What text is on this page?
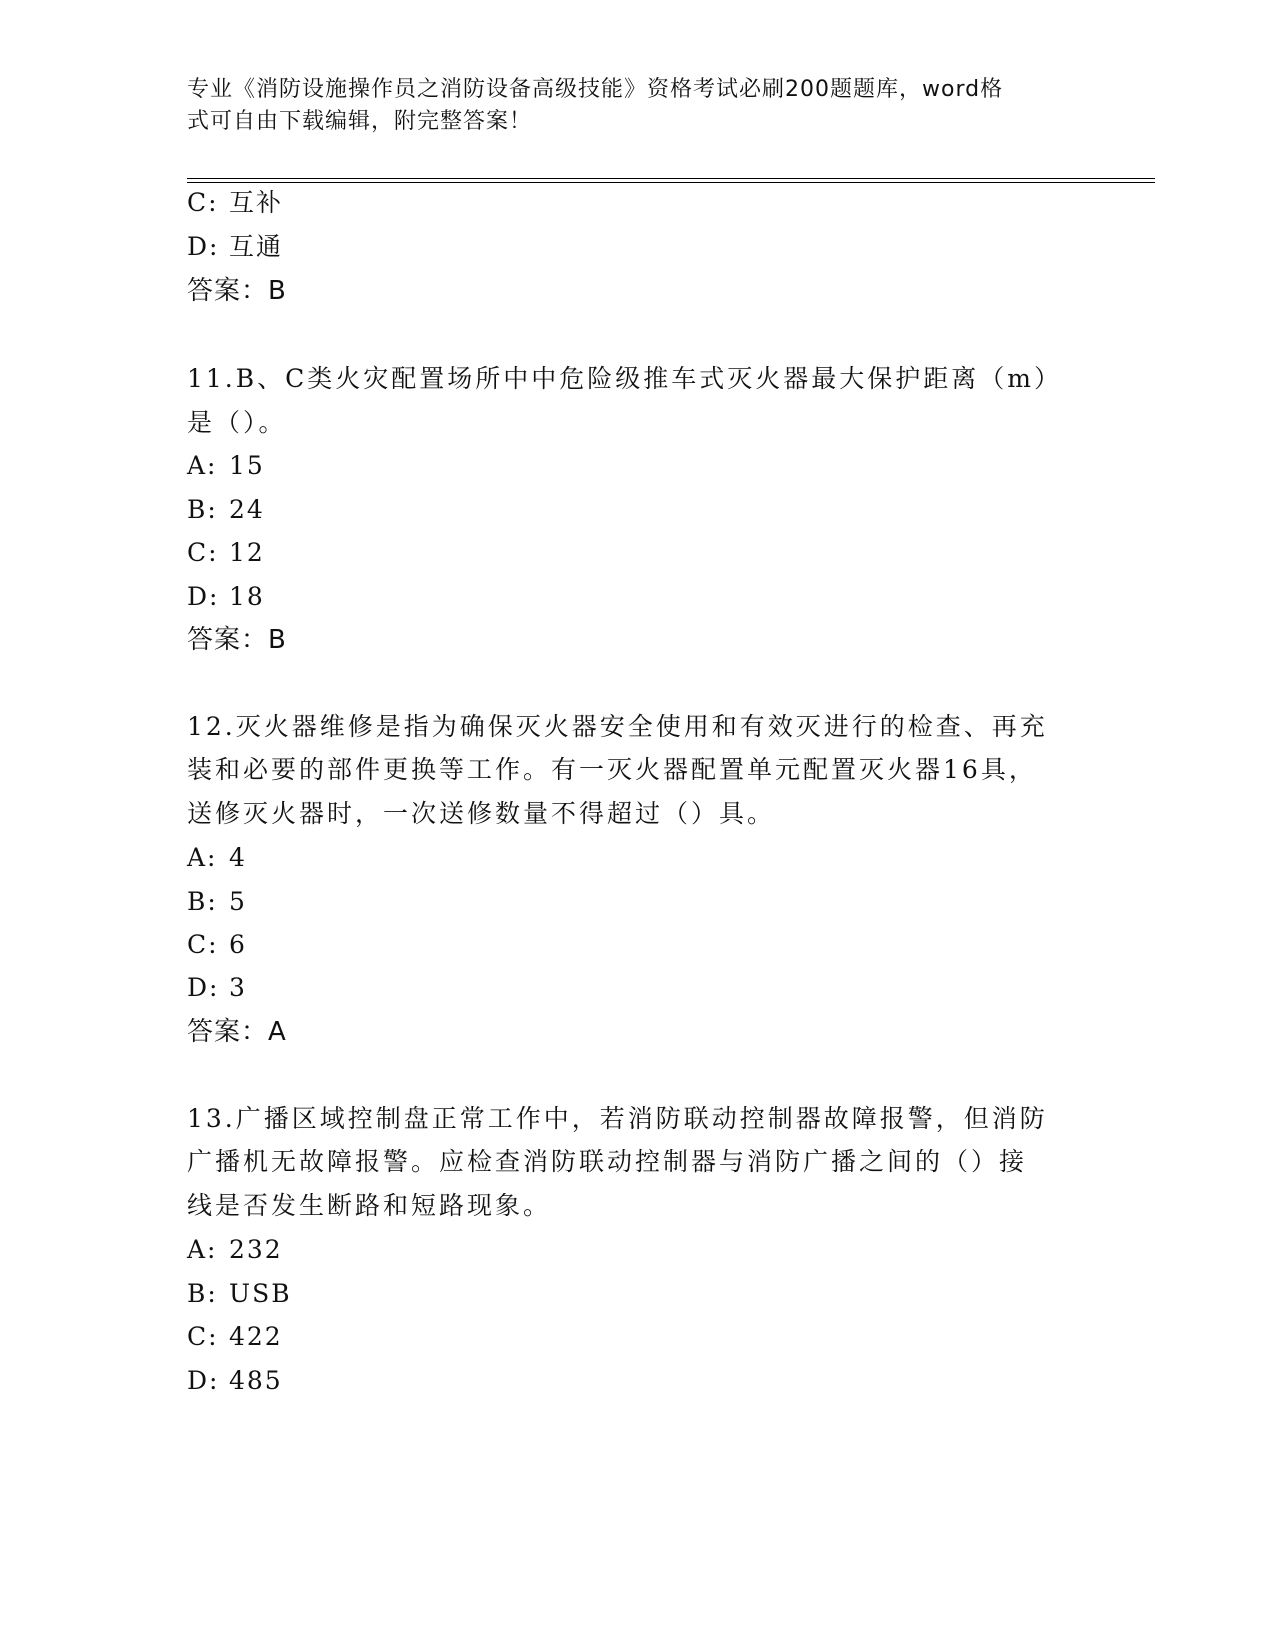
专业《消防设施操作员之消防设备高级技能》资格考试必刷200题题库，word格
式可自由下载编辑，附完整答案！
C: 互补
D: 互通
答案：B
11.B、C类火灾配置场所中中危险级推车式灭火器最大保护距离（m）
是（）。
A: 15
B: 24
C: 12
D: 18
答案：B
12.灭火器维修是指为确保灭火器安全使用和有效灭进行的检查、再充
装和必要的部件更换等工作。有一灭火器配置单元配置灭火器16具，
送修灭火器时，一次送修数量不得超过（）具。
A: 4
B: 5
C: 6
D: 3
答案：A
13.广播区域控制盘正常工作中，若消防联动控制器故障报警，但消防
广播机无故障报警。应检查消防联动控制器与消防广播之间的（）接
线是否发生断路和短路现象。
A: 232
B: USB
C: 422
D: 485
